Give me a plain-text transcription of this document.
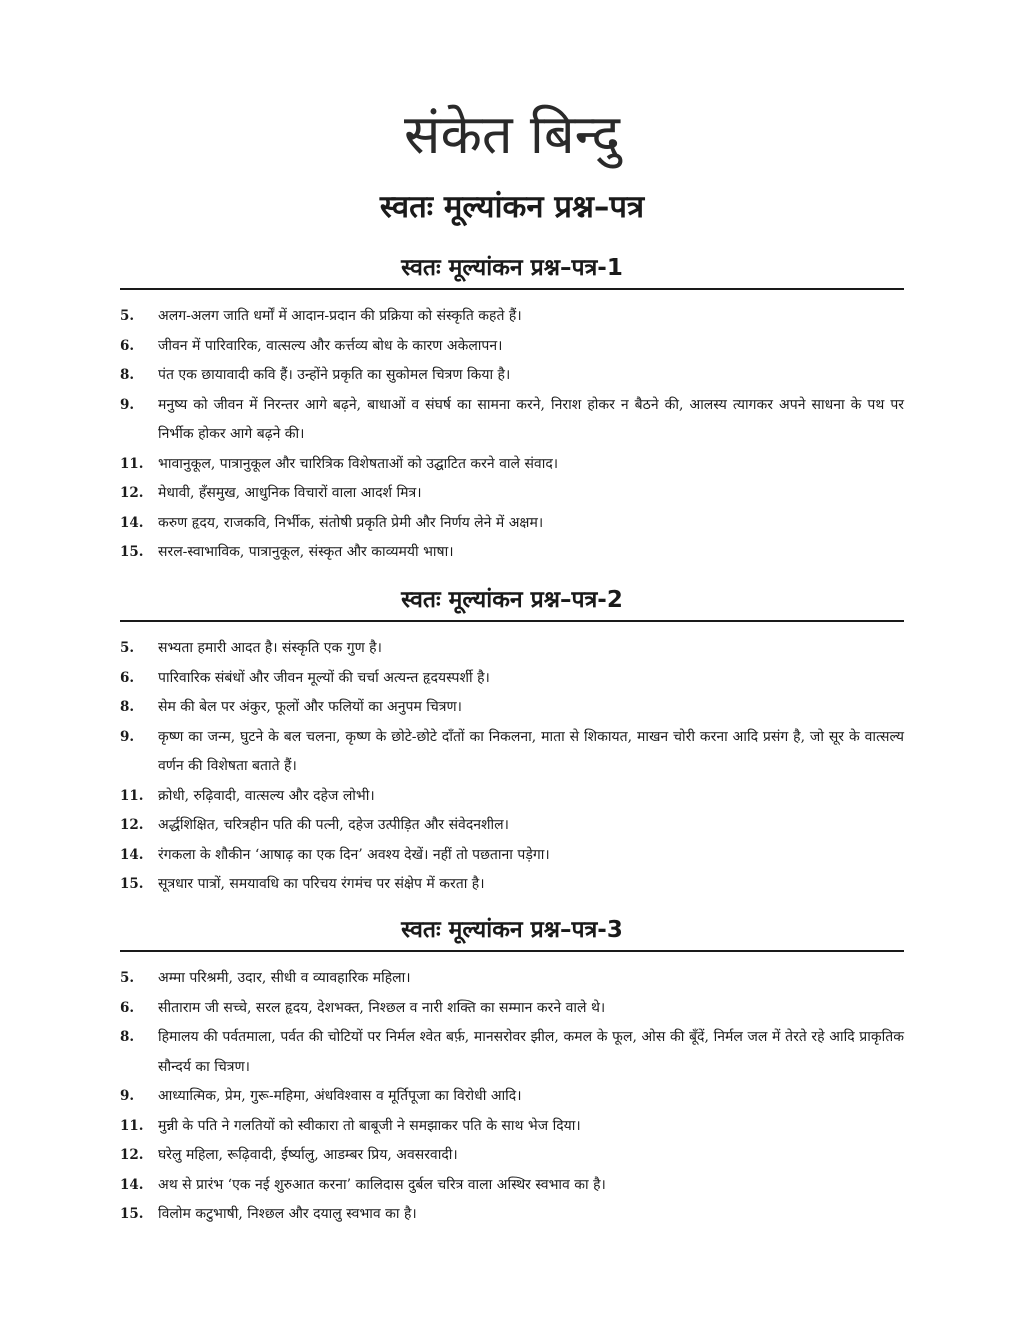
संकेत बिन्दु
स्वतः मूल्यांकन प्रश्न–पत्र
स्वतः मूल्यांकन प्रश्न–पत्र-1
5.	अलग-अलग जाति धर्मों में आदान-प्रदान की प्रक्रिया को संस्कृति कहते हैं।
6.	जीवन में पारिवारिक, वात्सल्य और कर्त्तव्य बोध के कारण अकेलापन।
8.	पंत एक छायावादी कवि हैं। उन्होंने प्रकृति का सुकोमल चित्रण किया है।
9.	मनुष्य को जीवन में निरन्तर आगे बढ़ने, बाधाओं व संघर्ष का सामना करने, निराश होकर न बैठने की, आलस्य त्यागकर अपने साधना के पथ पर निर्भीक होकर आगे बढ़ने की।
11.	भावानुकूल, पात्रानुकूल और चारित्रिक विशेषताओं को उद्घाटित करने वाले संवाद।
12.	मेधावी, हँसमुख, आधुनिक विचारों वाला आदर्श मित्र।
14.	करुण हृदय, राजकवि, निर्भीक, संतोषी प्रकृति प्रेमी और निर्णय लेने में अक्षम।
15.	सरल-स्वाभाविक, पात्रानुकूल, संस्कृत और काव्यमयी भाषा।
स्वतः मूल्यांकन प्रश्न–पत्र-2
5.	सभ्यता हमारी आदत है। संस्कृति एक गुण है।
6.	पारिवारिक संबंधों और जीवन मूल्यों की चर्चा अत्यन्त हृदयस्पर्शी है।
8.	सेम की बेल पर अंकुर, फूलों और फलियों का अनुपम चित्रण।
9.	कृष्ण का जन्म, घुटने के बल चलना, कृष्ण के छोटे-छोटे दाँतों का निकलना, माता से शिकायत, माखन चोरी करना आदि प्रसंग है, जो सूर के वात्सल्य वर्णन की विशेषता बताते हैं।
11.	क्रोधी, रुढ़िवादी, वात्सल्य और दहेज लोभी।
12.	अर्द्धशिक्षित, चरित्रहीन पति की पत्नी, दहेज उत्पीड़ित और संवेदनशील।
14.	रंगकला के शौकीन ‘आषाढ़ का एक दिन’ अवश्य देखें। नहीं तो पछताना पड़ेगा।
15.	सूत्रधार पात्रों, समयावधि का परिचय रंगमंच पर संक्षेप में करता है।
स्वतः मूल्यांकन प्रश्न–पत्र-3
5.	अम्मा परिश्रमी, उदार, सीधी व व्यावहारिक महिला।
6.	सीताराम जी सच्चे, सरल हृदय, देशभक्त, निश्छल व नारी शक्ति का सम्मान करने वाले थे।
8.	हिमालय की पर्वतमाला, पर्वत की चोटियों पर निर्मल श्वेत बर्फ़, मानसरोवर झील, कमल के फूल, ओस की बूँदें, निर्मल जल में तेरते रहे आदि प्राकृतिक सौन्दर्य का चित्रण।
9.	आध्यात्मिक, प्रेम, गुरू-महिमा, अंधविश्वास व मूर्तिपूजा का विरोधी आदि।
11.	मुन्नी के पति ने गलतियों को स्वीकारा तो बाबूजी ने समझाकर पति के साथ भेज दिया।
12.	घरेलु महिला, रूढ़िवादी, ईर्ष्यालु, आडम्बर प्रिय, अवसरवादी।
14.	अथ से प्रारंभ ‘एक नई शुरुआत करना’ कालिदास दुर्बल चरित्र वाला अस्थिर स्वभाव का है।
15.	विलोम कटुभाषी, निश्छल और दयालु स्वभाव का है।
